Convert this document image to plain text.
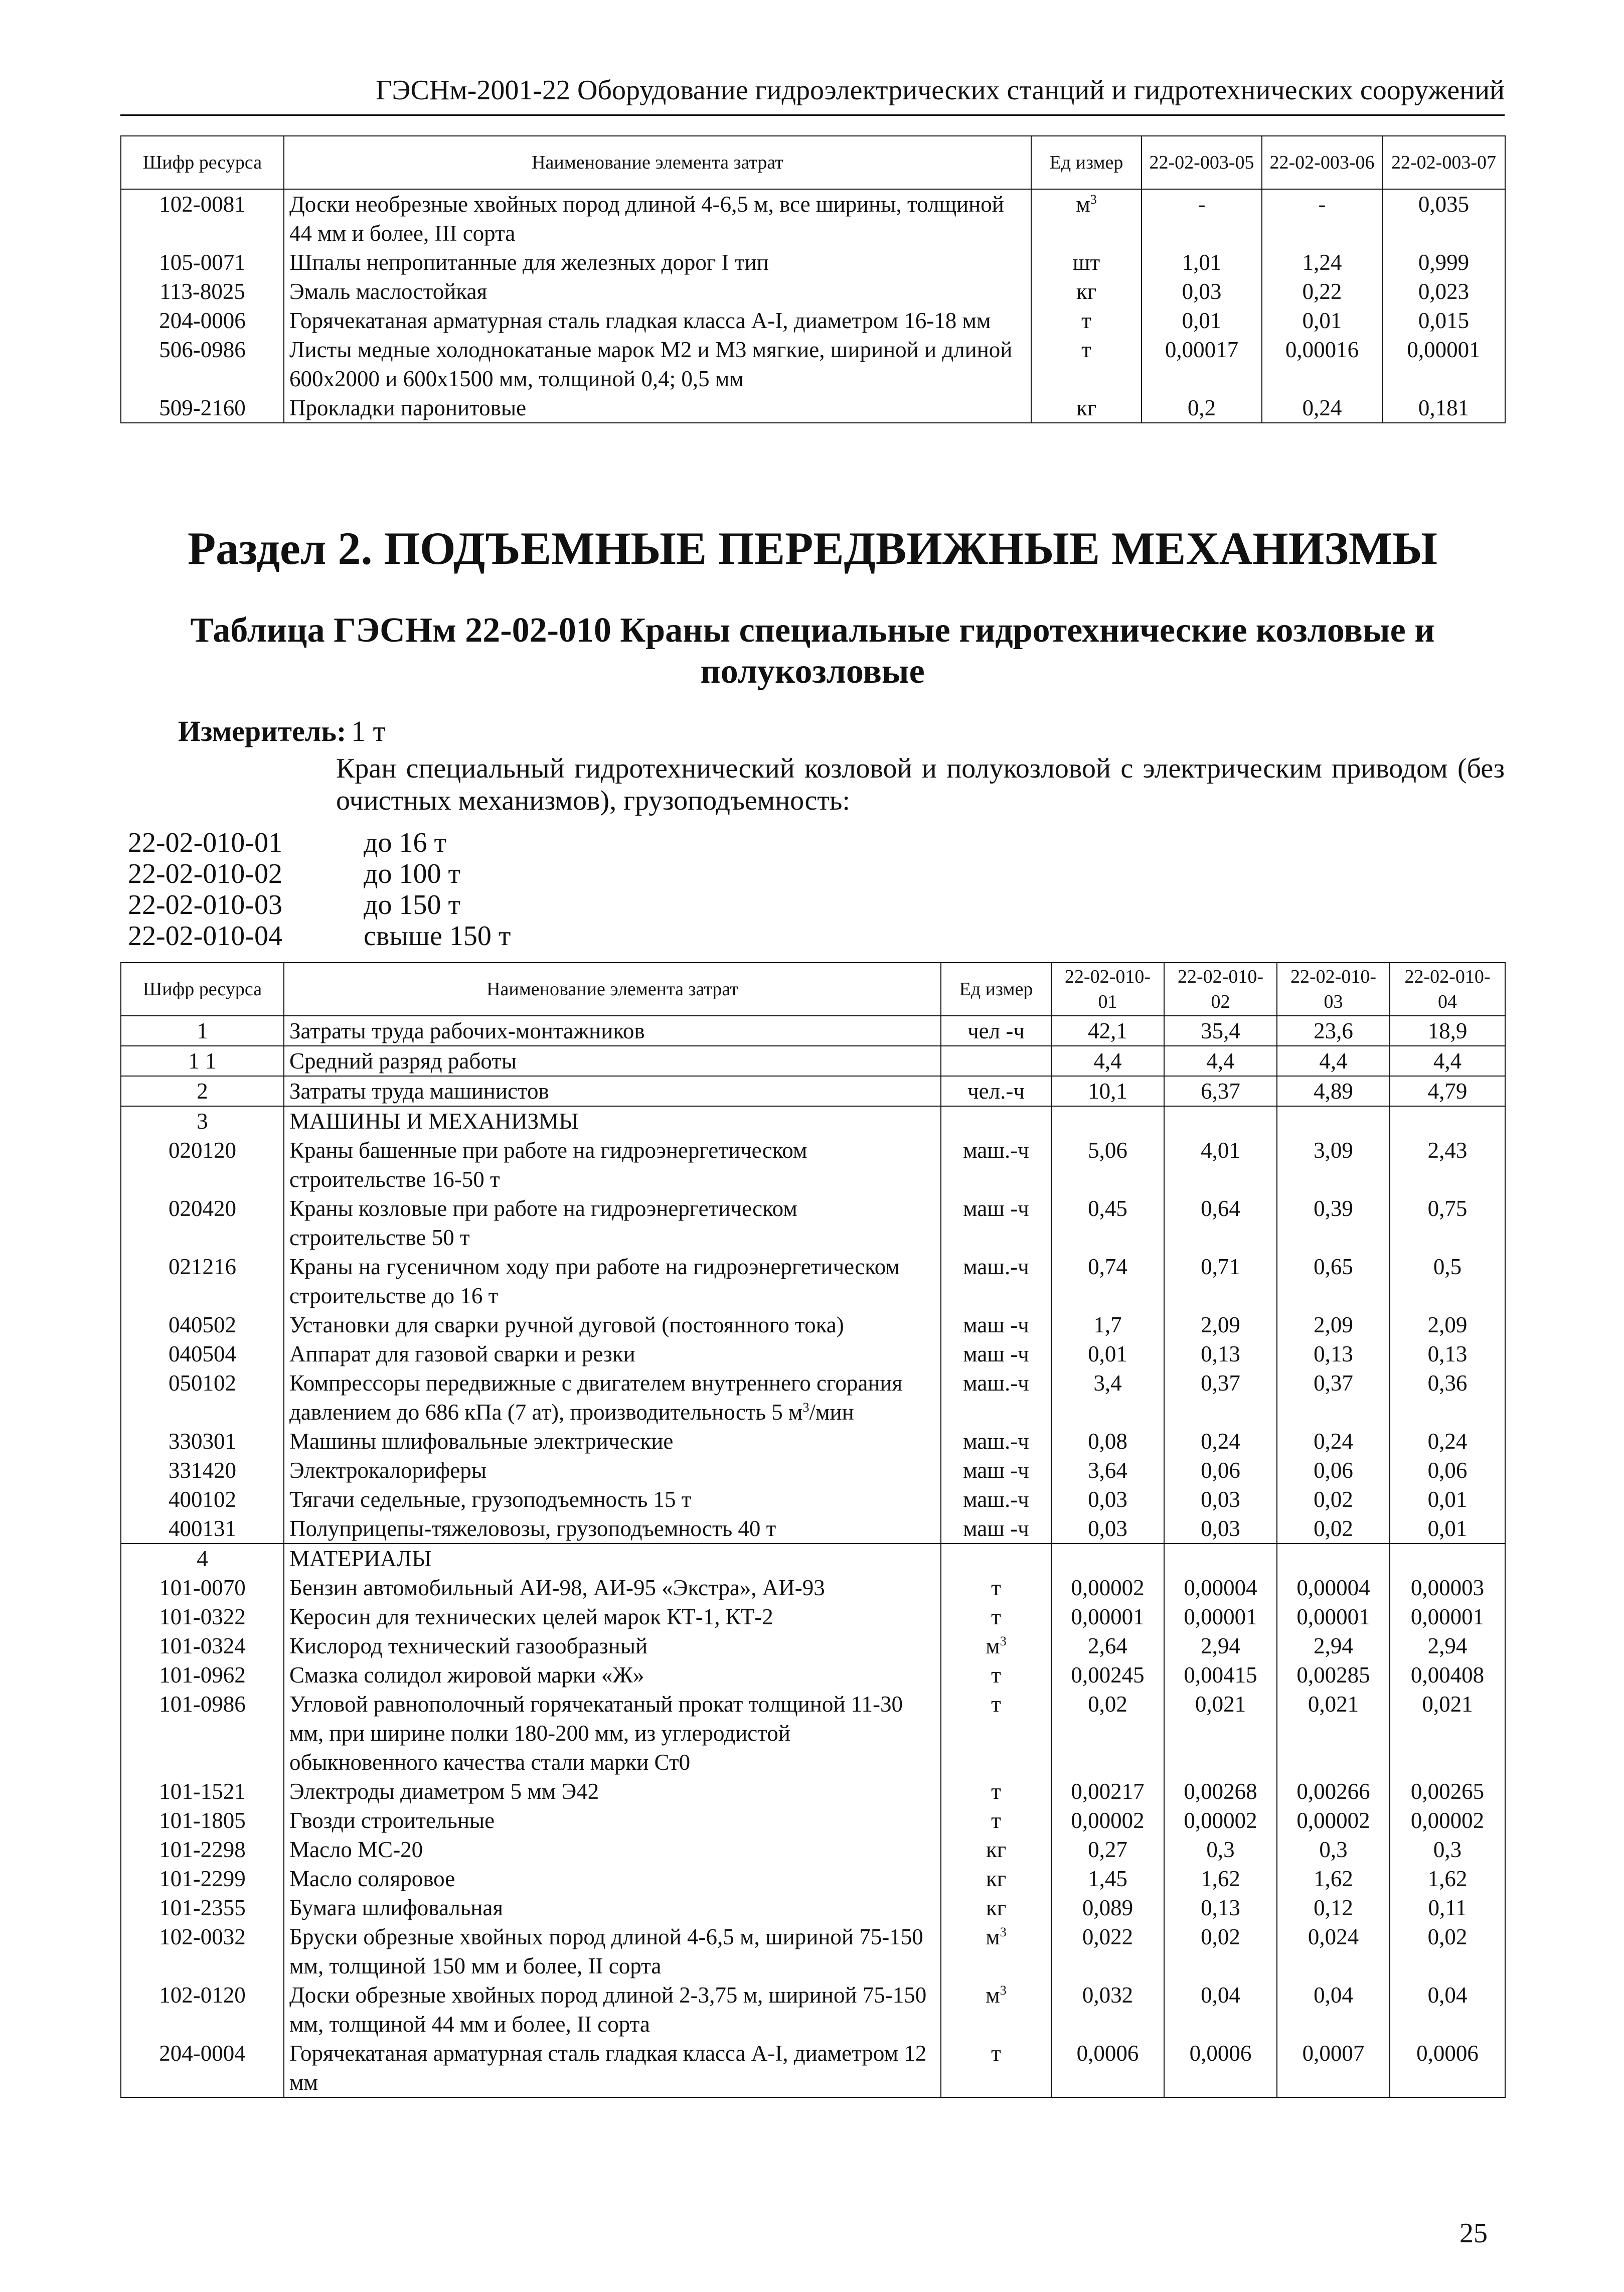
ГЭСНм-2001-22 Оборудование гидроэлектрических станций и гидротехнических сооружений
Шифр ресурса	Наименование элемента затрат	Ед измер	22-02-003-05	22-02-003-06	22-02-003-07
102-0081	Доски необрезные хвойных пород длиной 4-6,5 м, все ширины, толщиной 44 мм и более, III сорта	$м^3$	-	-	0,035
105-0071	Шпалы непропитанные для железных дорог I тип	шт	1,01	1,24	0,999
113-8025	Эмаль маслостойкая	кг	0,03	0,22	0,023
204-0006	Горячекатаная арматурная сталь гладкая класса А-I, диаметром 16-18 мм	т	0,01	0,01	0,015
506-0986	Листы медные холоднокатаные марок М2 и М3 мягкие, шириной и длиной 600х2000 и 600х1500 мм, толщиной 0,4; 0,5 мм	т	0,00017	0,00016	0,00001
509-2160	Прокладки паронитовые	кг	0,2	0,24	0,181
Раздел 2. ПОДЪЕМНЫЕ ПЕРЕДВИЖНЫЕ МЕХАНИЗМЫ
Таблица ГЭСНм 22-02-010 Краны специальные гидротехнические козловые и полукозловые
Измеритель: 1 т
Кран специальный гидротехнический козловой и полукозловой с электрическим приводом (без очистных механизмов), грузоподъемность:
22-02-010-01	до 16 т
22-02-010-02	до 100 т
22-02-010-03	до 150 т
22-02-010-04	свыше 150 т
Шифр ресурса	Наименование элемента затрат	Ед измер	22-02-010-01	22-02-010-02	22-02-010-03	22-02-010-04
1	Затраты труда рабочих-монтажников	чел -ч	42,1	35,4	23,6	18,9
1 1	Средний разряд работы		4,4	4,4	4,4	4,4
2	Затраты труда машинистов	чел.-ч	10,1	6,37	4,89	4,79
3	МАШИНЫ И МЕХАНИЗМЫ					
020120	Краны башенные при работе на гидроэнергетическом строительстве 16-50 т	маш.-ч	5,06	4,01	3,09	2,43
020420	Краны козловые при работе на гидроэнергетическом строительстве 50 т	маш -ч	0,45	0,64	0,39	0,75
021216	Краны на гусеничном ходу при работе на гидроэнергетическом строительстве до 16 т	маш.-ч	0,74	0,71	0,65	0,5
040502	Установки для сварки ручной дуговой (постоянного тока)	маш -ч	1,7	2,09	2,09	2,09
040504	Аппарат для газовой сварки и резки	маш -ч	0,01	0,13	0,13	0,13
050102	Компрессоры передвижные с двигателем внутреннего сгорания давлением до 686 кПа (7 ат), производительность 5 $м^3$/мин	маш.-ч	3,4	0,37	0,37	0,36
330301	Машины шлифовальные электрические	маш.-ч	0,08	0,24	0,24	0,24
331420	Электрокалориферы	маш -ч	3,64	0,06	0,06	0,06
400102	Тягачи седельные, грузоподъемность 15 т	маш.-ч	0,03	0,03	0,02	0,01
400131	Полуприцепы-тяжеловозы, грузоподъемность 40 т	маш -ч	0,03	0,03	0,02	0,01
4	МАТЕРИАЛЫ					
101-0070	Бензин автомобильный АИ-98, АИ-95 «Экстра», АИ-93	т	0,00002	0,00004	0,00004	0,00003
101-0322	Керосин для технических целей марок КТ-1, КТ-2	т	0,00001	0,00001	0,00001	0,00001
101-0324	Кислород технический газообразный	$м^3$	2,64	2,94	2,94	2,94
101-0962	Смазка солидол жировой марки «Ж»	т	0,00245	0,00415	0,00285	0,00408
101-0986	Угловой равнополочный горячекатаный прокат толщиной 11-30 мм, при ширине полки 180-200 мм, из углеродистой обыкновенного качества стали марки Ст0	т	0,02	0,021	0,021	0,021
101-1521	Электроды диаметром 5 мм Э42	т	0,00217	0,00268	0,00266	0,00265
101-1805	Гвозди строительные	т	0,00002	0,00002	0,00002	0,00002
101-2298	Масло МС-20	кг	0,27	0,3	0,3	0,3
101-2299	Масло соляровое	кг	1,45	1,62	1,62	1,62
101-2355	Бумага шлифовальная	кг	0,089	0,13	0,12	0,11
102-0032	Бруски обрезные хвойных пород длиной 4-6,5 м, шириной 75-150 мм, толщиной 150 мм и более, II сорта	$м^3$	0,022	0,02	0,024	0,02
102-0120	Доски обрезные хвойных пород длиной 2-3,75 м, шириной 75-150 мм, толщиной 44 мм и более, II сорта	$м^3$	0,032	0,04	0,04	0,04
204-0004	Горячекатаная арматурная сталь гладкая класса А-I, диаметром 12 мм	т	0,0006	0,0006	0,0007	0,0006
25
